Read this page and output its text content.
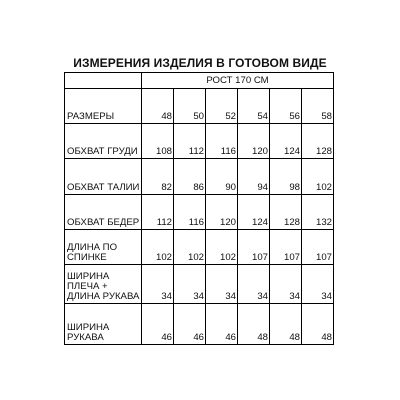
ИЗМЕРЕНИЯ ИЗДЕЛИЯ В ГОТОВОМ ВИДЕ
	РОСТ 170 СМ					
РАЗМЕРЫ	48	50	52	54	56	58
ОБХВАТ ГРУДИ	108	112	116	120	124	128
ОБХВАТ ТАЛИИ	82	86	90	94	98	102
ОБХВАТ БЕДЕР	112	116	120	124	128	132
ДЛИНА ПО СПИНКЕ	102	102	102	107	107	107
ШИРИНА ПЛЕЧА + ДЛИНА РУКАВА	34	34	34	34	34	34
ШИРИНА РУКАВА	46	46	46	48	48	48
